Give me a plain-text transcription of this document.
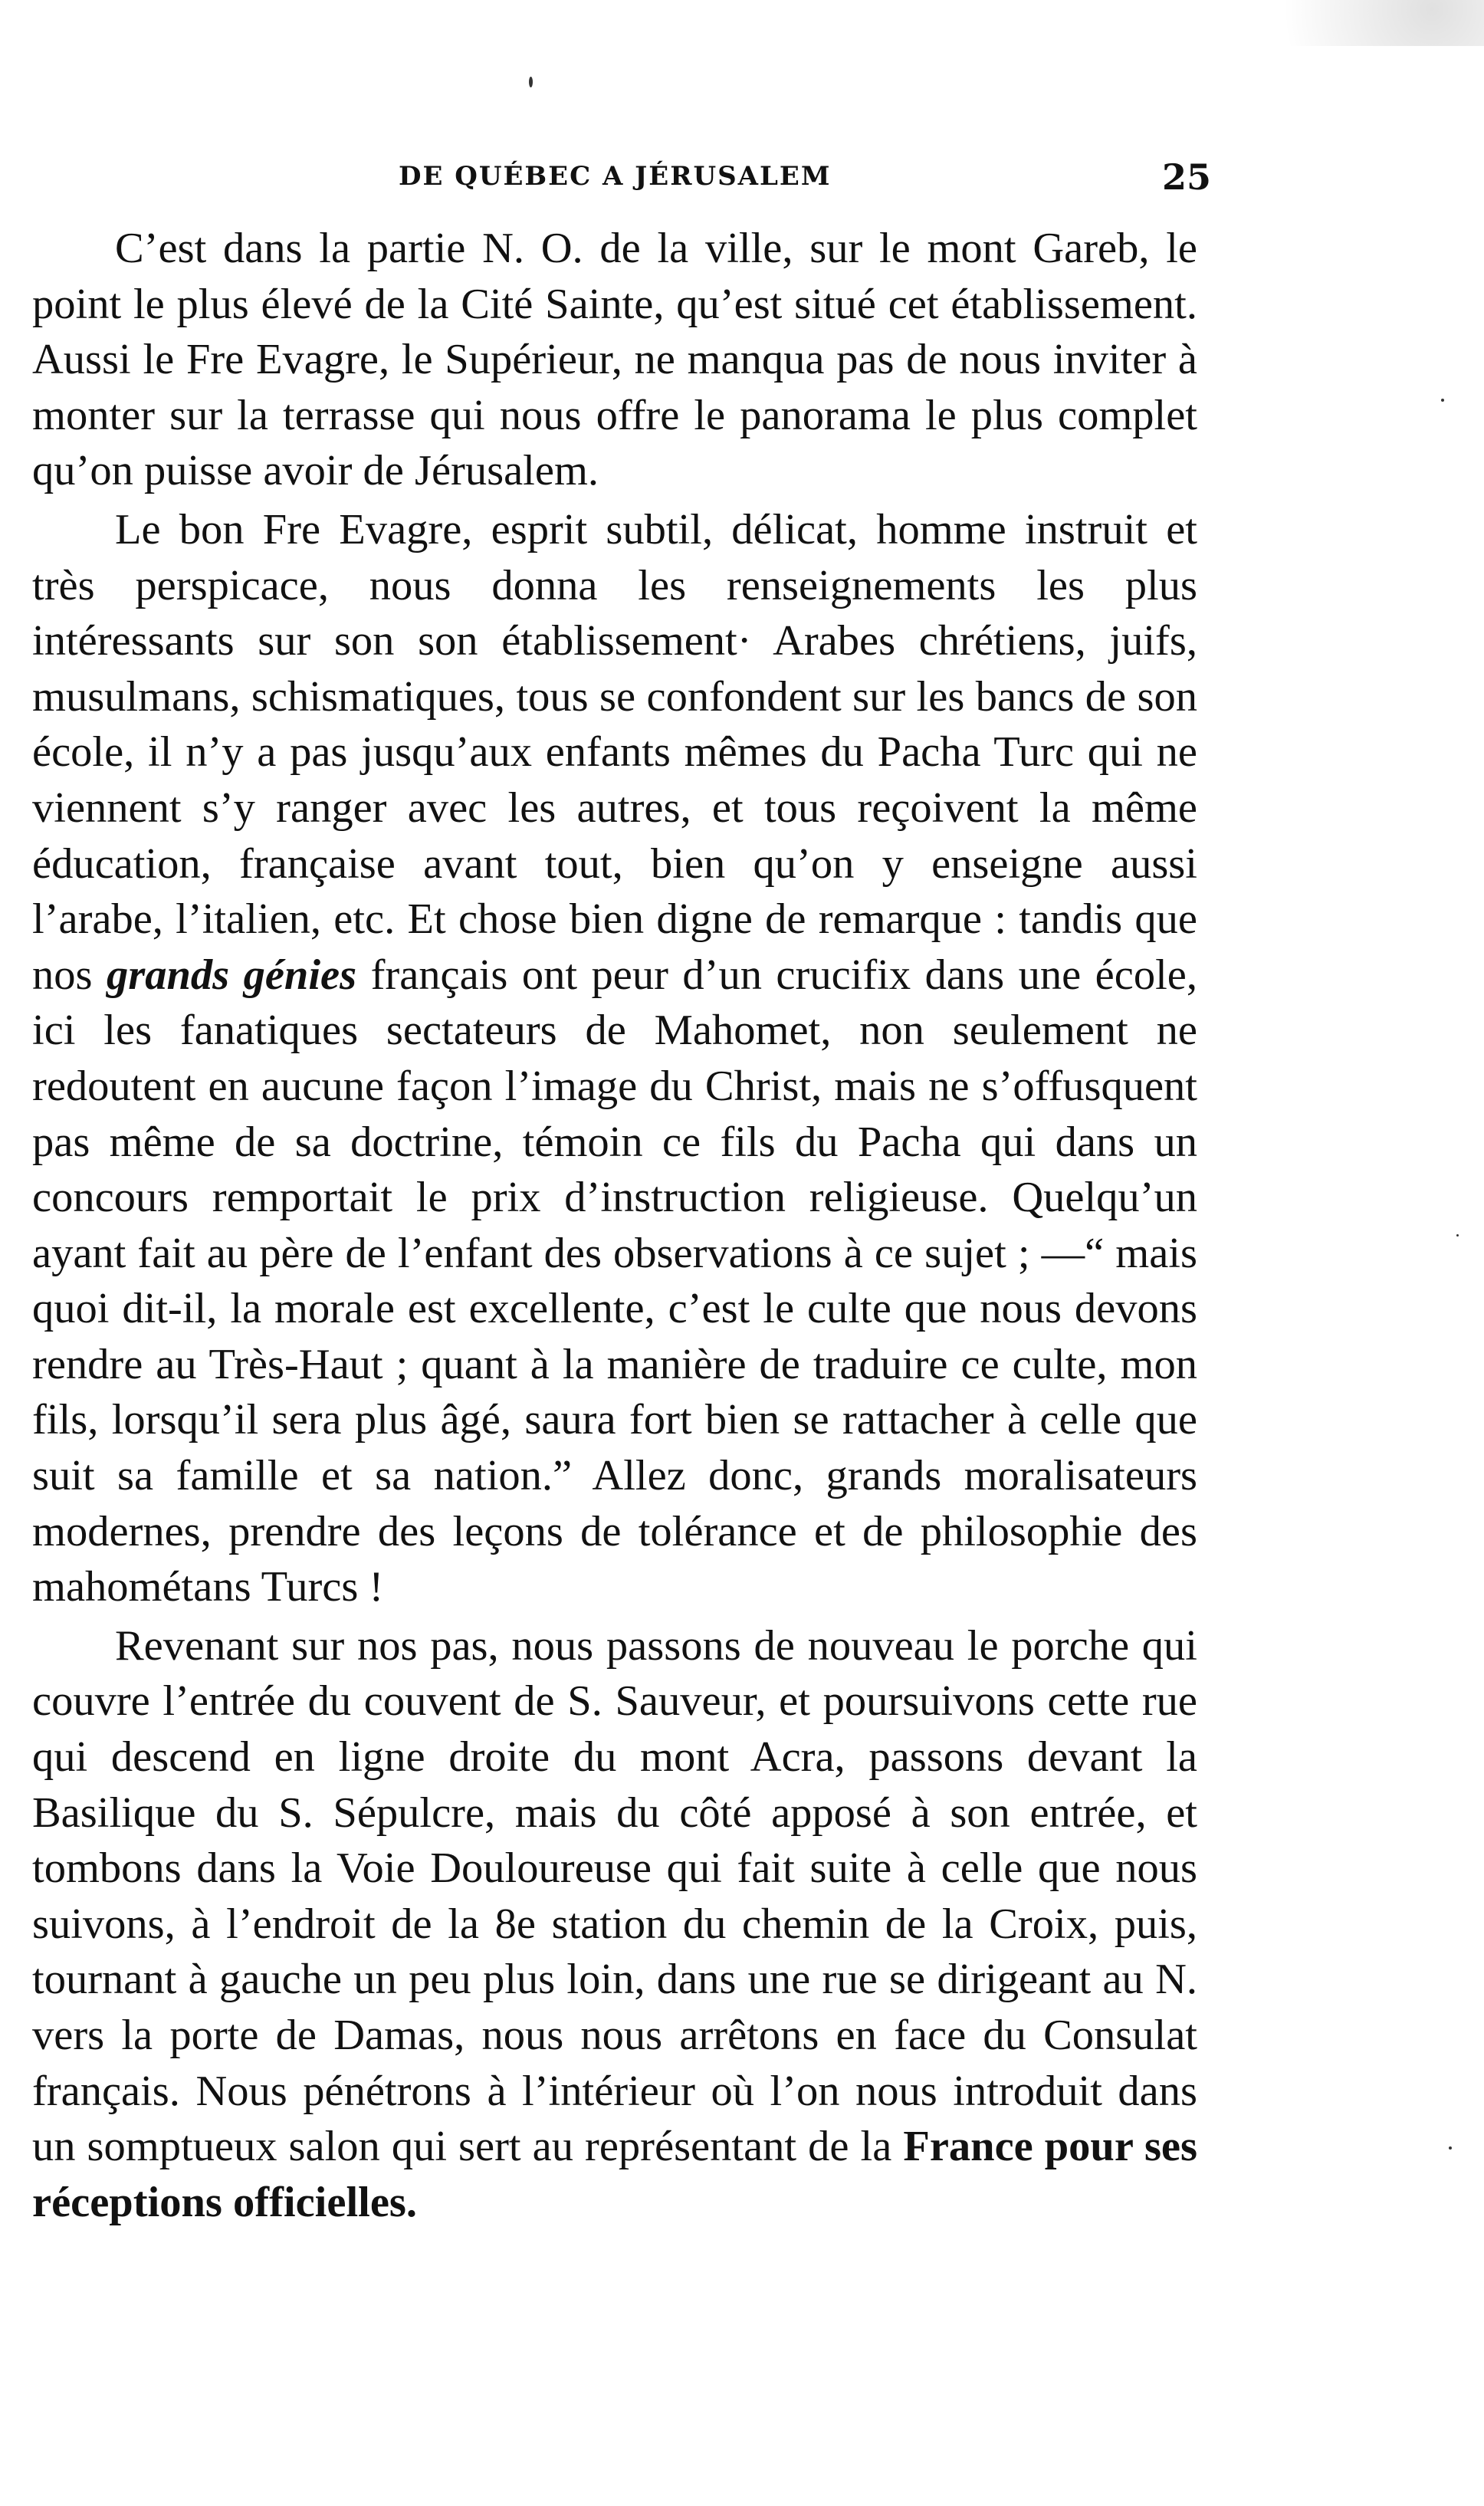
DE QUÉBEC A JÉRUSALEM	25

C’est dans la partie N. O. de la ville, sur le mont Gareb, le point le plus élevé de la Cité Sainte, qu’est situé cet établissement. Aussi le Fre Evagre, le Supérieur, ne manqua pas de nous inviter à monter sur la terrasse qui nous offre le panorama le plus complet qu’on puisse avoir de Jérusalem.

Le bon Fre Evagre, esprit subtil, délicat, homme instruit et très perspicace, nous donna les renseignements les plus intéressants sur son son établissement· Arabes chrétiens, juifs, musulmans, schismatiques, tous se confondent sur les bancs de son école, il n’y a pas jusqu’aux enfants mêmes du Pacha Turc qui ne viennent s’y ranger avec les autres, et tous reçoivent la même éducation, française avant tout, bien qu’on y enseigne aussi l’arabe, l’italien, etc. Et chose bien digne de remarque : tandis que nos grands génies français ont peur d’un crucifix dans une école, ici les fanatiques sectateurs de Mahomet, non seulement ne redoutent en aucune façon l’image du Christ, mais ne s’offusquent pas même de sa doctrine, témoin ce fils du Pacha qui dans un concours remportait le prix d’instruction religieuse. Quelqu’un ayant fait au père de l’enfant des observations à ce sujet ; —“ mais quoi dit-il, la morale est excellente, c’est le culte que nous devons rendre au Très-Haut ; quant à la manière de traduire ce culte, mon fils, lorsqu’il sera plus âgé, saura fort bien se rattacher à celle que suit sa famille et sa nation.” Allez donc, grands moralisateurs modernes, prendre des leçons de tolérance et de philosophie des mahométans Turcs !

Revenant sur nos pas, nous passons de nouveau le porche qui couvre l’entrée du couvent de S. Sauveur, et poursuivons cette rue qui descend en ligne droite du mont Acra, passons devant la Basilique du S. Sépulcre, mais du côté apposé à son entrée, et tombons dans la Voie Douloureuse qui fait suite à celle que nous suivons, à l’endroit de la 8e station du chemin de la Croix, puis, tournant à gauche un peu plus loin, dans une rue se dirigeant au N. vers la porte de Damas, nous nous arrêtons en face du Consulat français. Nous pénétrons à l’intérieur où l’on nous introduit dans un somptueux salon qui sert au représentant de la France pour ses réceptions officielles.
